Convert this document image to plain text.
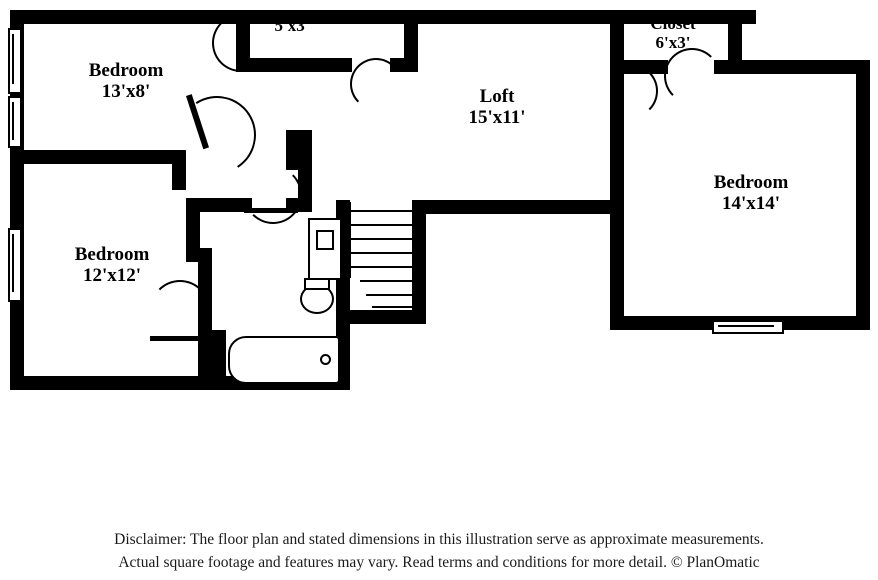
Bedroom
13'x8'
Bedroom
12'x12'
Loft
15'x11'
Bedroom
14'x14'
Closet
6'x3'
5'x3'
Disclaimer: The floor plan and stated dimensions in this illustration serve as approximate measurements.
Actual square footage and features may vary. Read terms and conditions for more detail. © PlanOmatic
